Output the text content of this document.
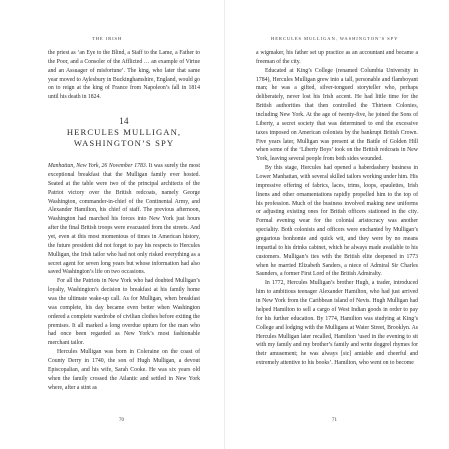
THE IRISH

the priest as ‘an Eye to the Blind, a Staff to the Lame, a Father to the Poor, and a Consoler of the Afflicted … an example of Virtue and an Assuager of misfortune’. The king, who later that same year moved to Aylesbury in Buckinghamshire, England, would go on to reign at the king of France from Napoleon’s fall in 1814 until his death in 1824.

14
HERCULES MULLIGAN,
WASHINGTON’S SPY

Manhattan, New York, 26 November 1783. It was surely the most exceptional breakfast that the Mulligan family ever hosted. Seated at the table were two of the principal architects of the Patriot victory over the British redcoats, namely George Washington, commander-in-chief of the Continental Army, and Alexander Hamilton, his chief of staff. The previous afternoon, Washington had marched his forces into New York just hours after the final British troops were evacuated from the streets. And yet, even at this most momentous of times in American history, the future president did not forget to pay his respects to Hercules Mulligan, the Irish tailor who had not only risked everything as a secret agent for seven long years but whose information had also saved Washington’s life on two occasions.

For all the Patriots in New York who had doubted Mulligan’s loyalty, Washington’s decision to breakfast at his family home was the ultimate wake-up call. As for Mulligan, when breakfast was complete, his day became even better when Washington ordered a complete wardrobe of civilian clothes before exiting the premises. It all marked a long overdue upturn for the man who had once been regarded as New York’s most fashionable merchant tailor.

Hercules Mulligan was born in Coleraine on the coast of County Derry in 1740, the son of Hugh Mulligan, a devout Episcopalian, and his wife, Sarah Cooke. He was six years old when the family crossed the Atlantic and settled in New York where, after a stint as

70
HERCULES MULLIGAN, WASHINGTON’S SPY

a wigmaker, his father set up practice as an accountant and became a freeman of the city.

Educated at King’s College (renamed Columbia University in 1784), Hercules Mulligan grew into a tall, personable and flamboyant man; he was a gifted, silver-tongued storyteller who, perhaps deliberately, never lost his Irish accent. He had little time for the British authorities that then controlled the Thirteen Colonies, including New York. At the age of twenty-five, he joined the Sons of Liberty, a secret society that was determined to end the excessive taxes imposed on American colonists by the bankrupt British Crown. Five years later, Mulligan was present at the Battle of Golden Hill when some of the ‘Liberty Boys’ took on the British redcoats in New York, leaving several people from both sides wounded.

By this stage, Hercules had opened a haberdashery business in Lower Manhattan, with several skilled tailors working under him. His impressive offering of fabrics, laces, trims, loops, epaulettes, Irish linens and other ornamentations rapidly propelled him to the top of his profession. Much of the business involved making new uniforms or adjusting existing ones for British officers stationed in the city. Formal evening wear for the colonial aristocracy was another speciality. Both colonists and officers were enchanted by Mulligan’s gregarious bonhomie and quick wit, and they were by no means impartial to his drinks cabinet, which he always made available to his customers. Mulligan’s ties with the British elite deepened in 1773 when he married Elizabeth Sanders, a niece of Admiral Sir Charles Saunders, a former First Lord of the British Admiralty.

In 1772, Hercules Mulligan’s brother Hugh, a trader, introduced him to ambitious teenager Alexander Hamilton, who had just arrived in New York from the Caribbean island of Nevis. Hugh Mulligan had helped Hamilton to sell a cargo of West Indian goods in order to pay for his further education. By 1774, Hamilton was studying at King’s College and lodging with the Mulligans at Water Street, Brooklyn. As Hercules Mulligan later recalled, Hamilton ‘used in the evening to sit with my family and my brother’s family and write doggrel rhymes for their amusement; he was always [sic] amiable and cheerful and extremely attentive to his books’. Hamilton, who went on to become

71
